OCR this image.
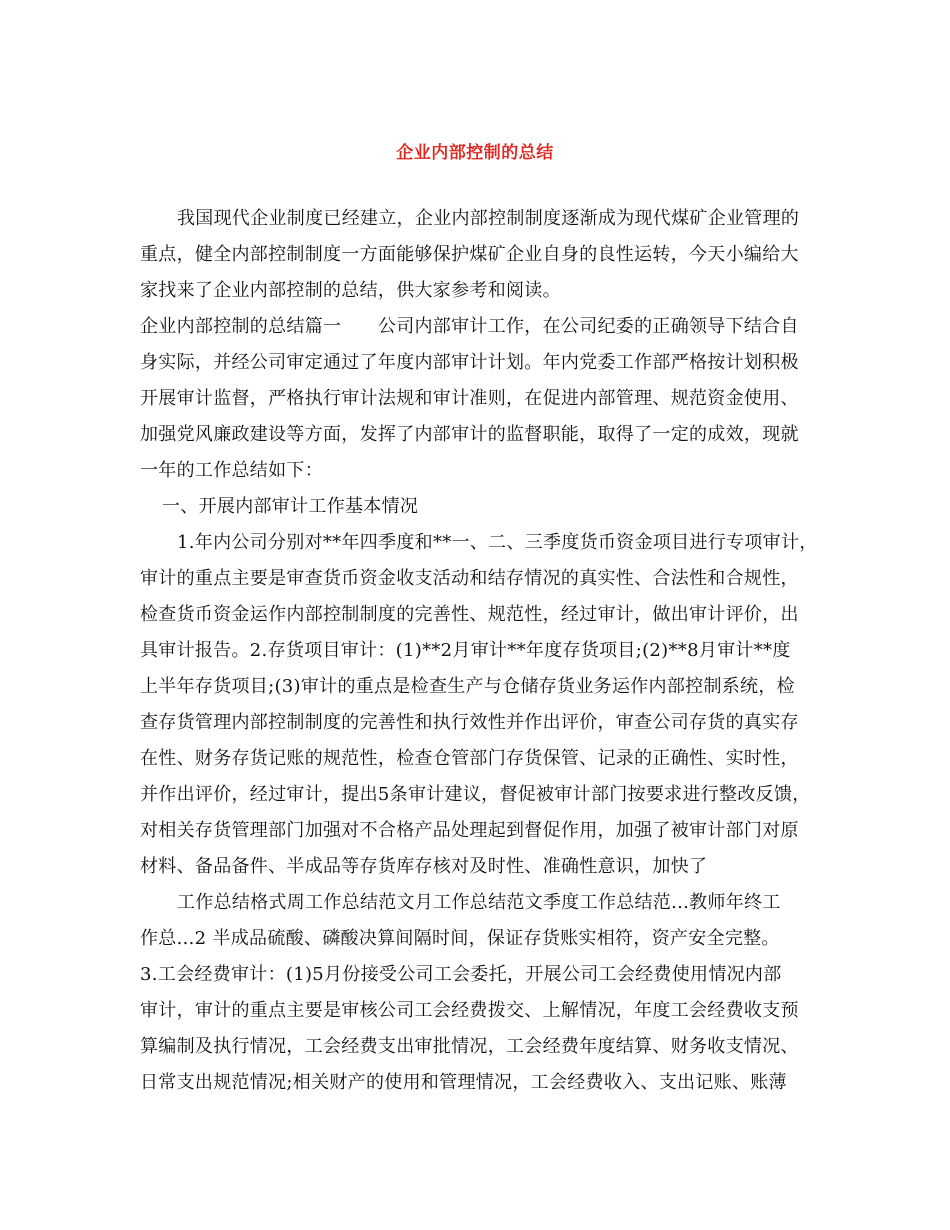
企业内部控制的总结
我国现代企业制度已经建立，企业内部控制制度逐渐成为现代煤矿企业管理的
重点，健全内部控制制度一方面能够保护煤矿企业自身的良性运转，今天小编给大
家找来了企业内部控制的总结，供大家参考和阅读。
企业内部控制的总结篇一　　公司内部审计工作，在公司纪委的正确领导下结合自
身实际，并经公司审定通过了年度内部审计计划。年内党委工作部严格按计划积极
开展审计监督，严格执行审计法规和审计准则，在促进内部管理、规范资金使用、
加强党风廉政建设等方面，发挥了内部审计的监督职能，取得了一定的成效，现就
一年的工作总结如下：
一、开展内部审计工作基本情况
1.年内公司分别对**年四季度和**一、二、三季度货币资金项目进行专项审计，
审计的重点主要是审查货币资金收支活动和结存情况的真实性、合法性和合规性，
检查货币资金运作内部控制制度的完善性、规范性，经过审计，做出审计评价，出
具审计报告。2.存货项目审计：(1)**2月审计**年度存货项目;(2)**8月审计**度
上半年存货项目;(3)审计的重点是检查生产与仓储存货业务运作内部控制系统，检
查存货管理内部控制制度的完善性和执行效性并作出评价，审查公司存货的真实存
在性、财务存货记账的规范性，检查仓管部门存货保管、记录的正确性、实时性，
并作出评价，经过审计，提出5条审计建议，督促被审计部门按要求进行整改反馈，
对相关存货管理部门加强对不合格产品处理起到督促作用，加强了被审计部门对原
材料、备品备件、半成品等存货库存核对及时性、准确性意识，加快了
工作总结格式周工作总结范文月工作总结范文季度工作总结范...教师年终工
作总...2 半成品硫酸、磷酸决算间隔时间，保证存货账实相符，资产安全完整。
3.工会经费审计：(1)5月份接受公司工会委托，开展公司工会经费使用情况内部
审计，审计的重点主要是审核公司工会经费拨交、上解情况，年度工会经费收支预
算编制及执行情况，工会经费支出审批情况，工会经费年度结算、财务收支情况、
日常支出规范情况;相关财产的使用和管理情况，工会经费收入、支出记账、账薄
